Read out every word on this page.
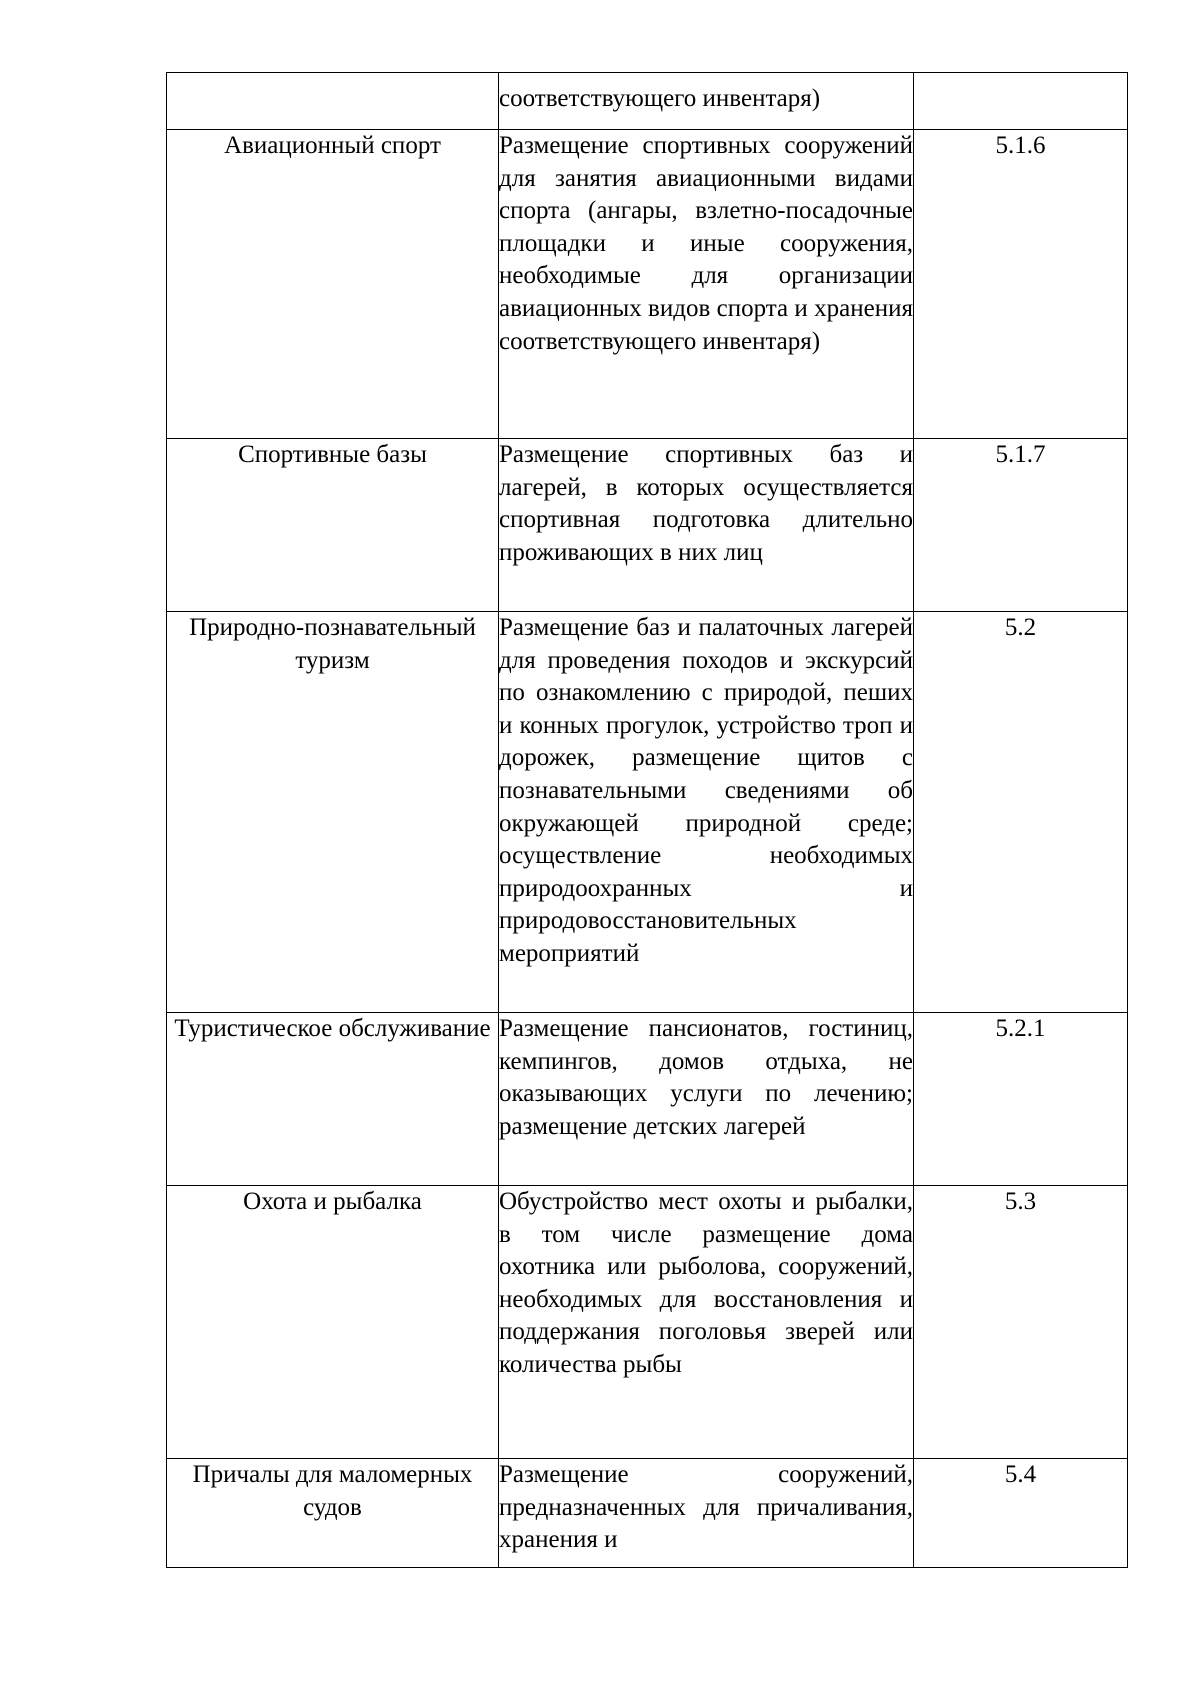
	соответствующего инвентаря)	

Авиационный спорт	Размещение спортивных сооружений для занятия авиационными видами спорта (ангары, взлетно-посадочные площадки и иные сооружения, необходимые для организации авиационных видов спорта и хранения соответствующего инвентаря)	5.1.6

Спортивные базы	Размещение спортивных баз и лагерей, в которых осуществляется спортивная подготовка длительно проживающих в них лиц	5.1.7

Природно-познавательный туризм	Размещение баз и палаточных лагерей для проведения походов и экскурсий по ознакомлению с природой, пеших и конных прогулок, устройство троп и дорожек, размещение щитов с познавательными сведениями об окружающей природной среде; осуществление необходимых природоохранных и природовосстановительных мероприятий	5.2

Туристическое обслуживание	Размещение пансионатов, гостиниц, кемпингов, домов отдыха, не оказывающих услуги по лечению; размещение детских лагерей	5.2.1

Охота и рыбалка	Обустройство мест охоты и рыбалки, в том числе размещение дома охотника или рыболова, сооружений, необходимых для восстановления и поддержания поголовья зверей или количества рыбы	5.3

Причалы для маломерных судов	Размещение сооружений, предназначенных для причаливания, хранения и	5.4
